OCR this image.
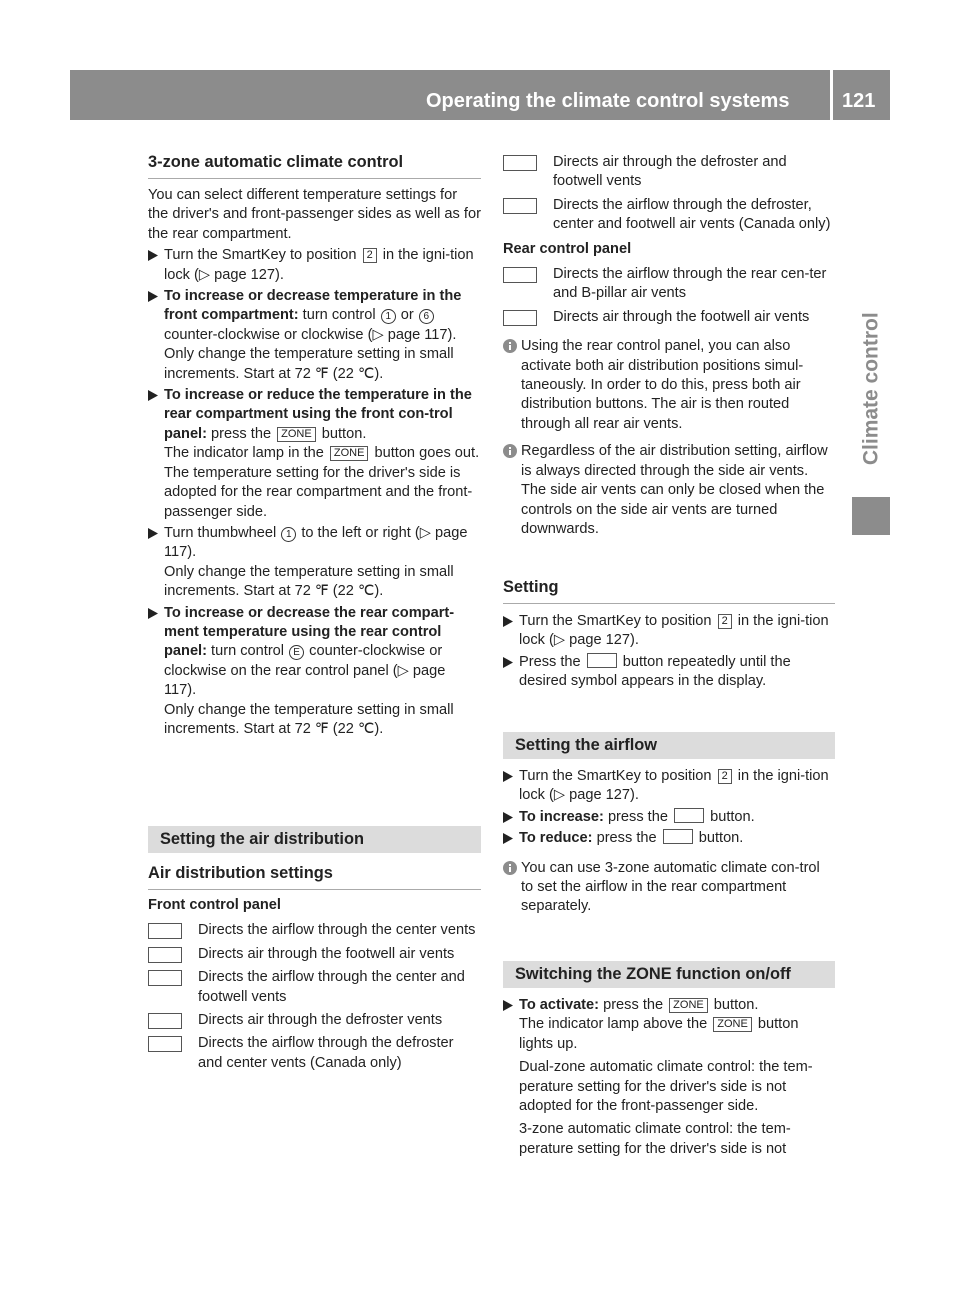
Operating the climate control systems	121
Climate control
3-zone automatic climate control

You can select different temperature settings for the driver's and front-passenger sides as well as for the rear compartment.

Turn the SmartKey to position 2 in the igni-tion lock (▷ page 127).
To increase or decrease temperature in the front compartment: turn control 1 or 6 counter-clockwise or clockwise (▷ page 117).

Only change the temperature setting in small increments. Start at 72 ℉ (22 ℃).

To increase or reduce the temperature in the rear compartment using the front con-trol panel: press the ZONE button.

The indicator lamp in the ZONE button goes out.

The temperature setting for the driver's side is adopted for the rear compartment and the front-passenger side.

Turn thumbwheel 1 to the left or right (▷ page 117).

Only change the temperature setting in small increments. Start at 72 ℉ (22 ℃).

To increase or decrease the rear compart-ment temperature using the rear control panel: turn control E counter-clockwise or clockwise on the rear control panel (▷ page 117).

Only change the temperature setting in small increments. Start at 72 ℉ (22 ℃).

Setting the air distribution
Air distribution settings
Front control panel
Directs the airflow through the center vents
Directs air through the footwell air vents
Directs the airflow through the center and footwell vents
Directs air through the defroster vents
Directs the airflow through the defroster and center vents (Canada only)
Directs air through the defroster and footwell vents
Directs the airflow through the defroster, center and footwell air vents (Canada only)
Rear control panel
Directs the airflow through the rear cen-ter and B-pillar air vents
Directs air through the footwell air vents
Using the rear control panel, you can also activate both air distribution positions simul-taneously. In order to do this, press both air distribution buttons. The air is then routed through all rear air vents.
Regardless of the air distribution setting, airflow is always directed through the side air vents. The side air vents can only be closed when the controls on the side air vents are turned downwards.
Setting
Turn the SmartKey to position 2 in the igni-tion lock (▷ page 127).
Press the  button repeatedly until the desired symbol appears in the display.
Setting the airflow
Turn the SmartKey to position 2 in the igni-tion lock (▷ page 127).
To increase: press the  button.
To reduce: press the  button.
You can use 3-zone automatic climate con-trol to set the airflow in the rear compartment separately.
Switching the ZONE function on/off
To activate: press the ZONE button.

The indicator lamp above the ZONE button lights up.

Dual-zone automatic climate control: the tem-perature setting for the driver's side is not adopted for the front-passenger side.

3-zone automatic climate control: the tem-perature setting for the driver's side is not
